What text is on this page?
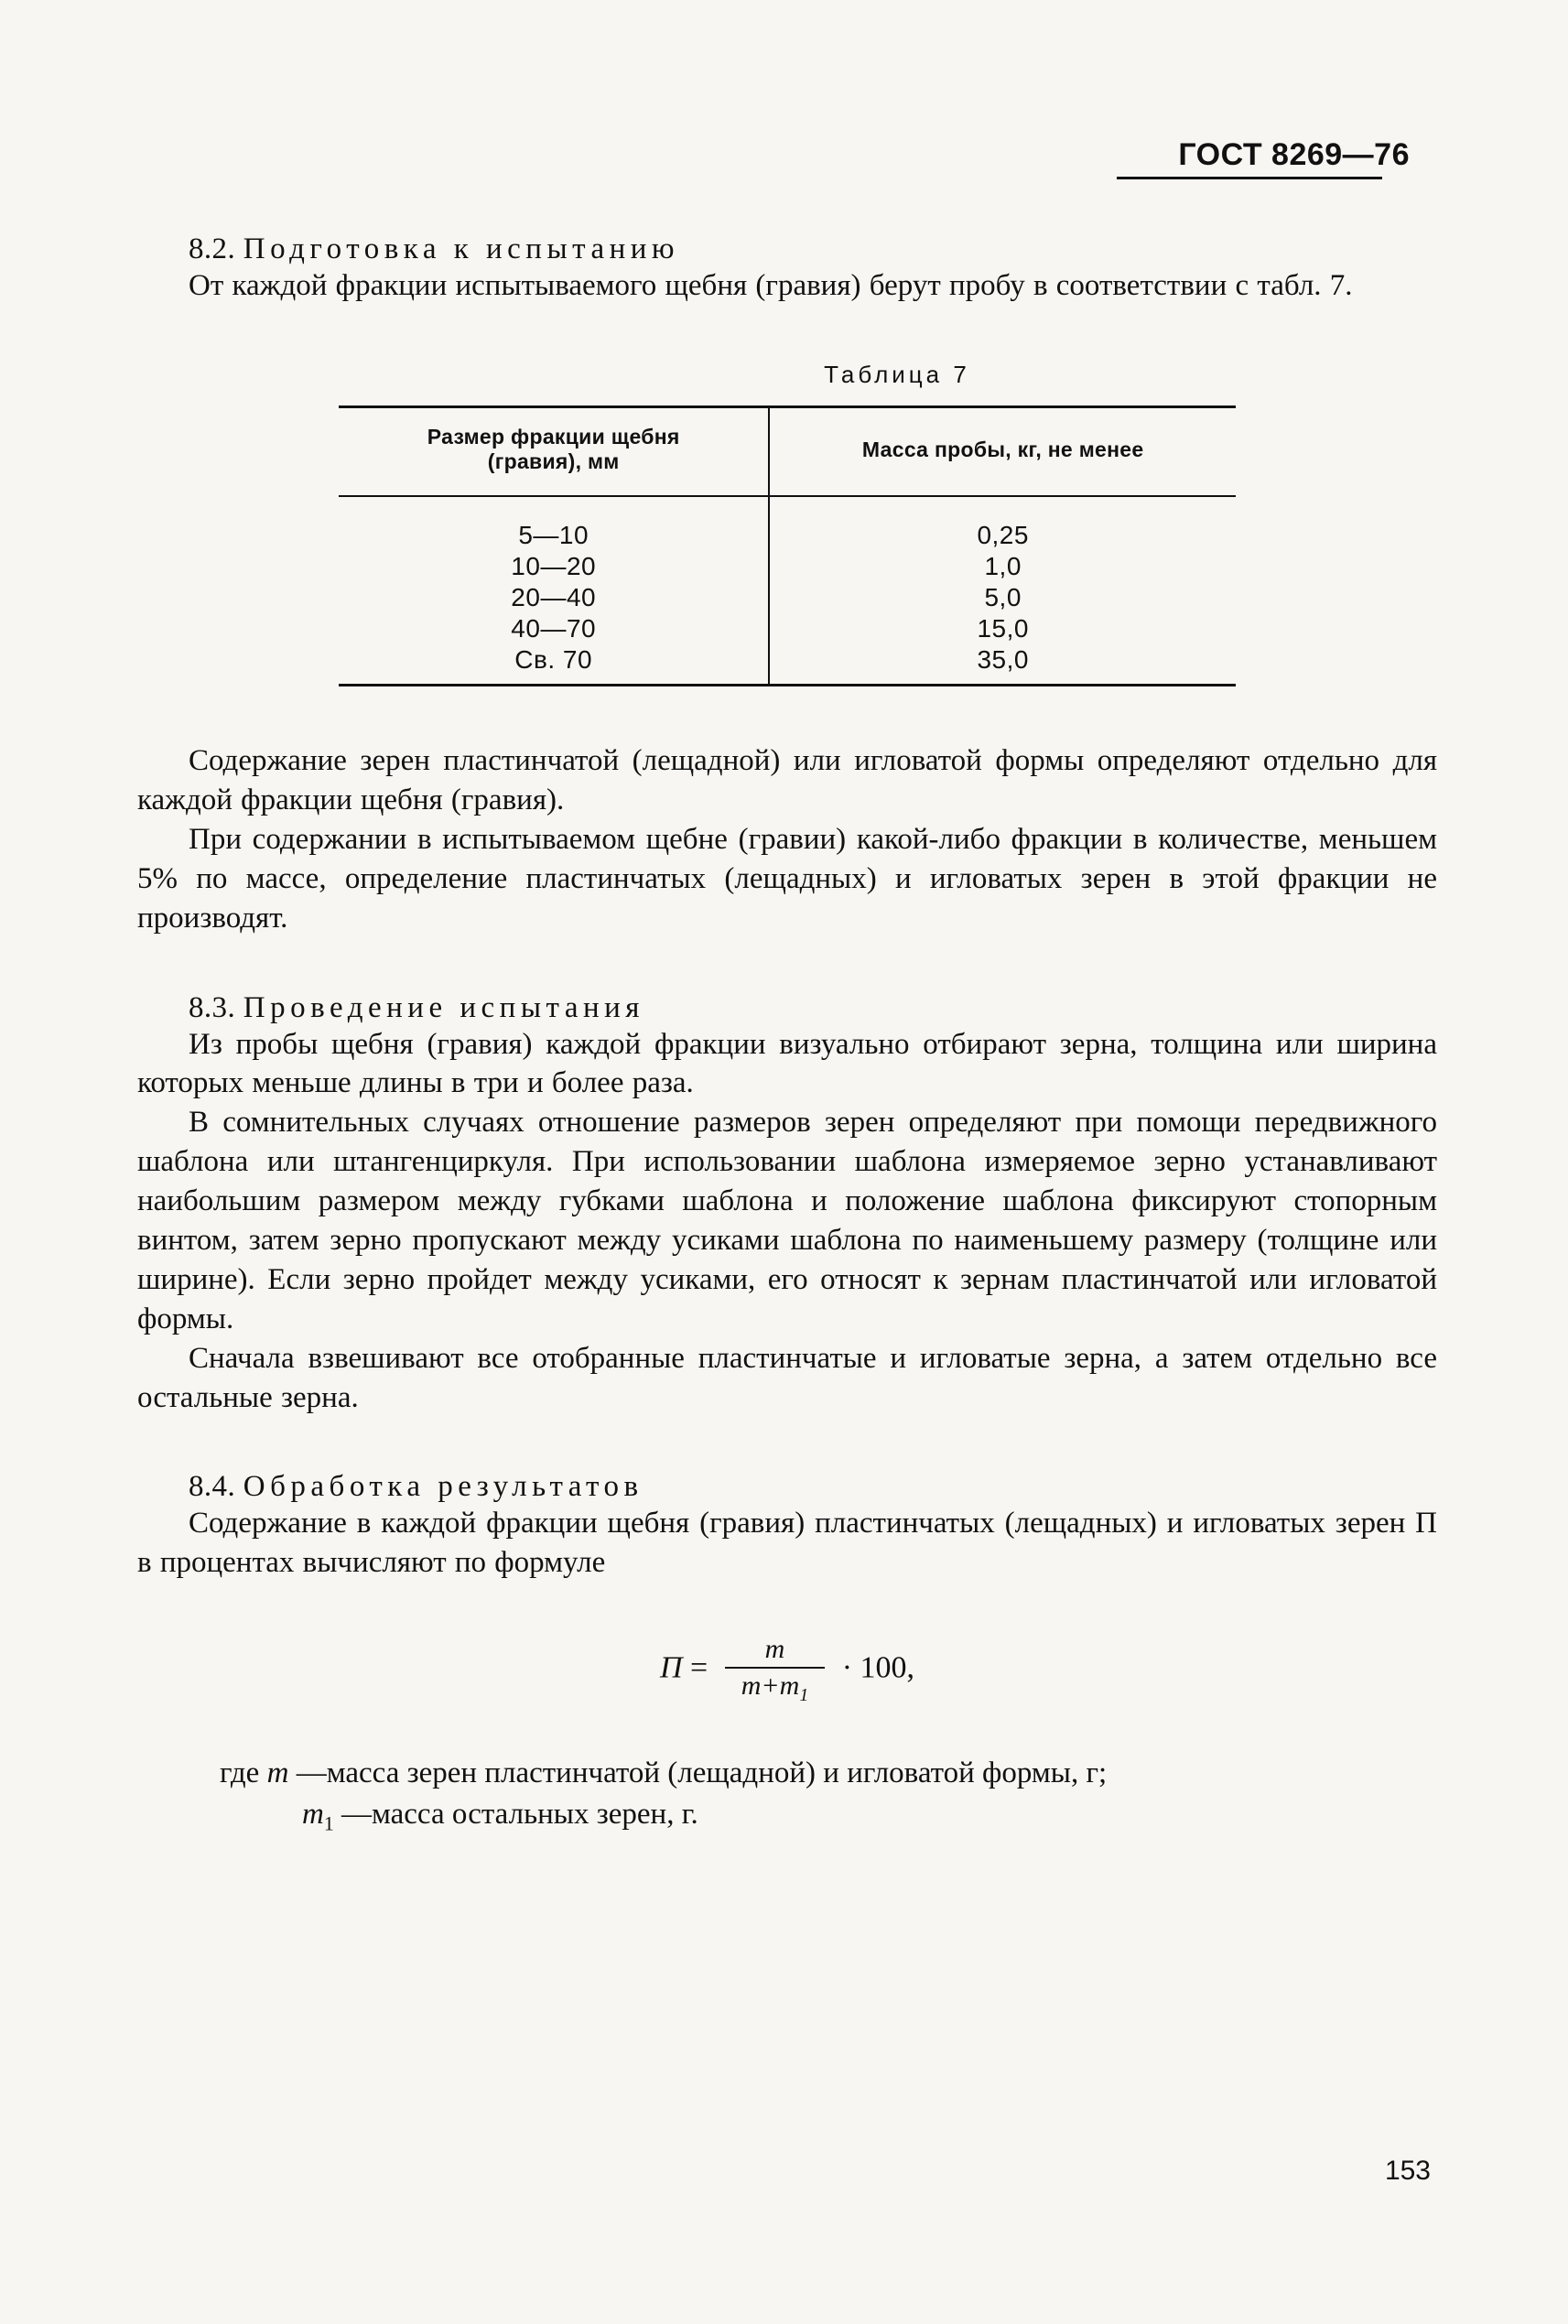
ГОСТ 8269—76
8.2. Подготовка к испытанию

От каждой фракции испытываемого щебня (гравия) берут пробу в соответствии с табл. 7.

Таблица 7
Размер фракции щебня
(гравия), мм	Масса пробы, кг, не менее
5—10	0,25
10—20	1,0
20—40	5,0
40—70	15,0
Св. 70	35,0

Содержание зерен пластинчатой (лещадной) или игловатой формы определяют отдельно для каждой фракции щебня (гравия).

При содержании в испытываемом щебне (гравии) какой-либо фракции в количестве, меньшем 5% по массе, определение пластинчатых (лещадных) и игловатых зерен в этой фракции не производят.

8.3. Проведение испытания

Из пробы щебня (гравия) каждой фракции визуально отбирают зерна, толщина или ширина которых меньше длины в три и более раза.

В сомнительных случаях отношение размеров зерен определяют при помощи передвижного шаблона или штангенциркуля. При использовании шаблона измеряемое зерно устанавливают наибольшим размером между губками шаблона и положение шаблона фиксируют стопорным винтом, затем зерно пропускают между усиками шаблона по наименьшему размеру (толщине или ширине). Если зерно пройдет между усиками, его относят к зернам пластинчатой или игловатой формы.

Сначала взвешивают все отобранные пластинчатые и игловатые зерна, а затем отдельно все остальные зерна.

8.4. Обработка результатов

Содержание в каждой фракции щебня (гравия) пластинчатых (лещадных) и игловатых зерен П в процентах вычисляют по формуле

$П = \frac{m}{m+m_1} \cdot 100$,
где m —масса зерен пластинчатой (лещадной) и игловатой формы, г;
$m_1$ —масса остальных зерен, г.
153
